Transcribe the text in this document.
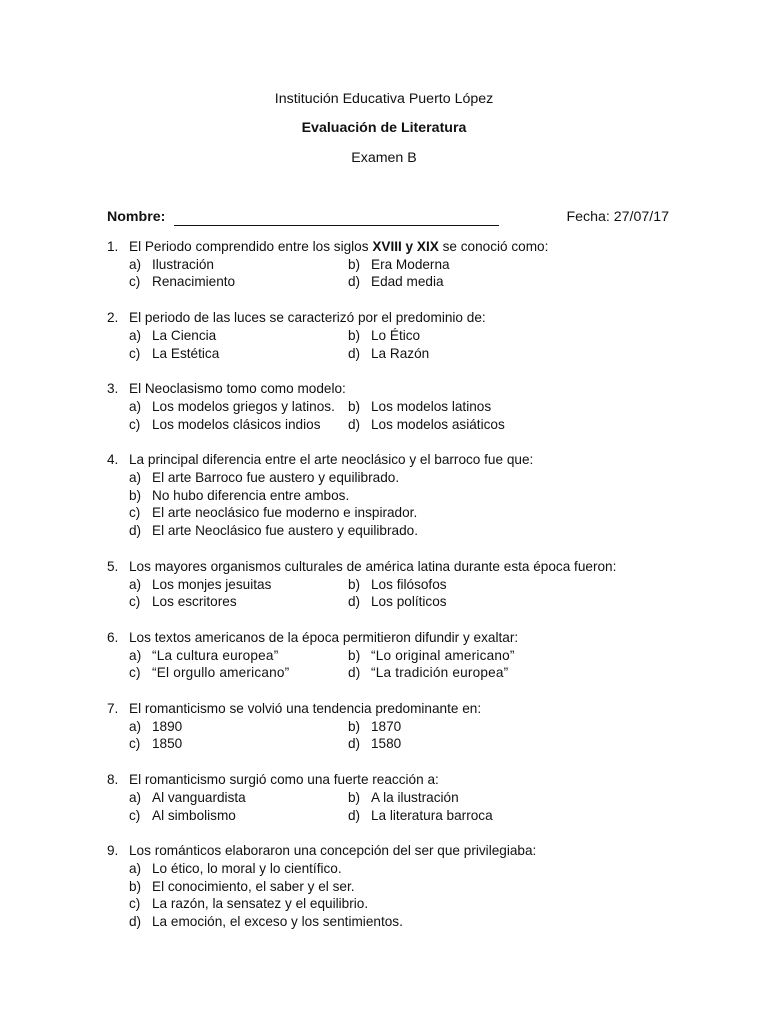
Institución Educativa Puerto López
Evaluación de Literatura
Examen B
Nombre:	Fecha: 27/07/17
1. El Periodo comprendido entre los siglos XVIII y XIX se conoció como:
a) Ilustración	b) Era Moderna
c) Renacimiento	d) Edad media
2. El periodo de las luces se caracterizó por el predominio de:
a) La Ciencia	b) Lo Ético
c) La Estética	d) La Razón
3. El Neoclasismo tomo como modelo:
a) Los modelos griegos y latinos. b) Los modelos latinos
c) Los modelos clásicos indios	d) Los modelos asiáticos
4. La principal diferencia entre el arte neoclásico y el barroco fue que:
a) El arte Barroco fue austero y equilibrado.
b) No hubo diferencia entre ambos.
c) El arte neoclásico fue moderno e inspirador.
d) El arte Neoclásico fue austero y equilibrado.
5. Los mayores organismos culturales de américa latina durante esta época fueron:
a) Los monjes jesuitas	b) Los filósofos
c) Los escritores	d) Los políticos
6. Los textos americanos de la época permitieron difundir y exaltar:
a) “La cultura europea”	b) “Lo original americano”
c) “El orgullo americano”	d) “La tradición europea”
7. El romanticismo se volvió una tendencia predominante en:
a) 1890	b) 1870
c) 1850	d) 1580
8. El romanticismo surgió como una fuerte reacción a:
a) Al vanguardista	b) A la ilustración
c) Al simbolismo	d) La literatura barroca
9. Los románticos elaboraron una concepción del ser que privilegiaba:
a) Lo ético, lo moral y lo científico.
b) El conocimiento, el saber y el ser.
c) La razón, la sensatez y el equilibrio.
d) La emoción, el exceso y los sentimientos.
